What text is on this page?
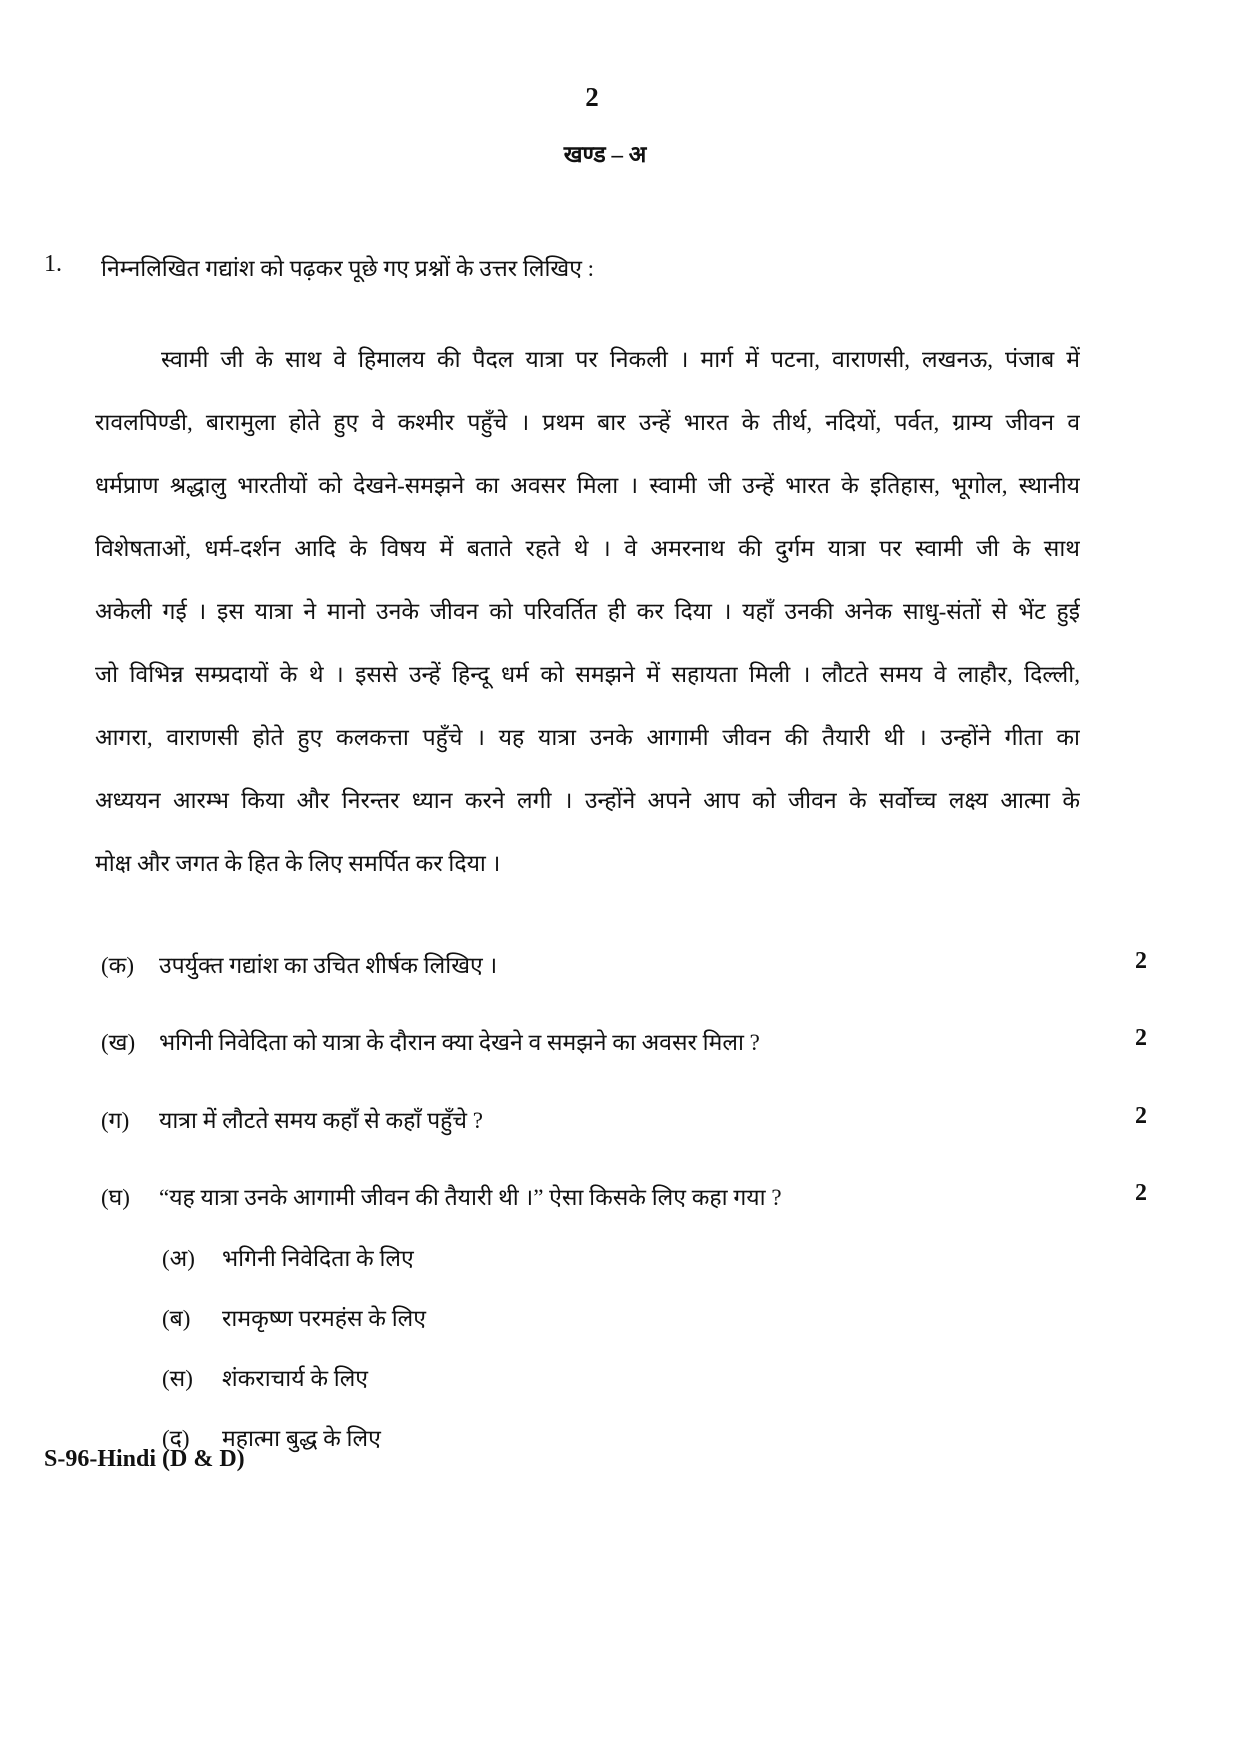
2
खण्ड – अ
1. निम्नलिखित गद्यांश को पढ़कर पूछे गए प्रश्नों के उत्तर लिखिए :
स्वामी जी के साथ वे हिमालय की पैदल यात्रा पर निकली । मार्ग में पटना, वाराणसी, लखनऊ, पंजाब में
रावलपिण्डी, बारामुला होते हुए वे कश्मीर पहुँचे । प्रथम बार उन्हें भारत के तीर्थ, नदियों, पर्वत, ग्राम्य जीवन व
धर्मप्राण श्रद्धालु भारतीयों को देखने-समझने का अवसर मिला । स्वामी जी उन्हें भारत के इतिहास, भूगोल, स्थानीय
विशेषताओं, धर्म-दर्शन आदि के विषय में बताते रहते थे । वे अमरनाथ की दुर्गम यात्रा पर स्वामी जी के साथ
अकेली गई । इस यात्रा ने मानो उनके जीवन को परिवर्तित ही कर दिया । यहाँ उनकी अनेक साधु-संतों से भेंट हुई
जो विभिन्न सम्प्रदायों के थे । इससे उन्हें हिन्दू धर्म को समझने में सहायता मिली । लौटते समय वे लाहौर, दिल्ली,
आगरा, वाराणसी होते हुए कलकत्ता पहुँचे । यह यात्रा उनके आगामी जीवन की तैयारी थी । उन्होंने गीता का
अध्ययन आरम्भ किया और निरन्तर ध्यान करने लगी । उन्होंने अपने आप को जीवन के सर्वोच्च लक्ष्य आत्मा के
मोक्ष और जगत के हित के लिए समर्पित कर दिया ।
(क) उपर्युक्त गद्यांश का उचित शीर्षक लिखिए ।	2
(ख) भगिनी निवेदिता को यात्रा के दौरान क्या देखने व समझने का अवसर मिला ?	2
(ग) यात्रा में लौटते समय कहाँ से कहाँ पहुँचे ?	2
(घ) “यह यात्रा उनके आगामी जीवन की तैयारी थी ।” ऐसा किसके लिए कहा गया ?	2
(अ) भगिनी निवेदिता के लिए
(ब) रामकृष्ण परमहंस के लिए
(स) शंकराचार्य के लिए
(द) महात्मा बुद्ध के लिए
S-96-Hindi (D & D)
